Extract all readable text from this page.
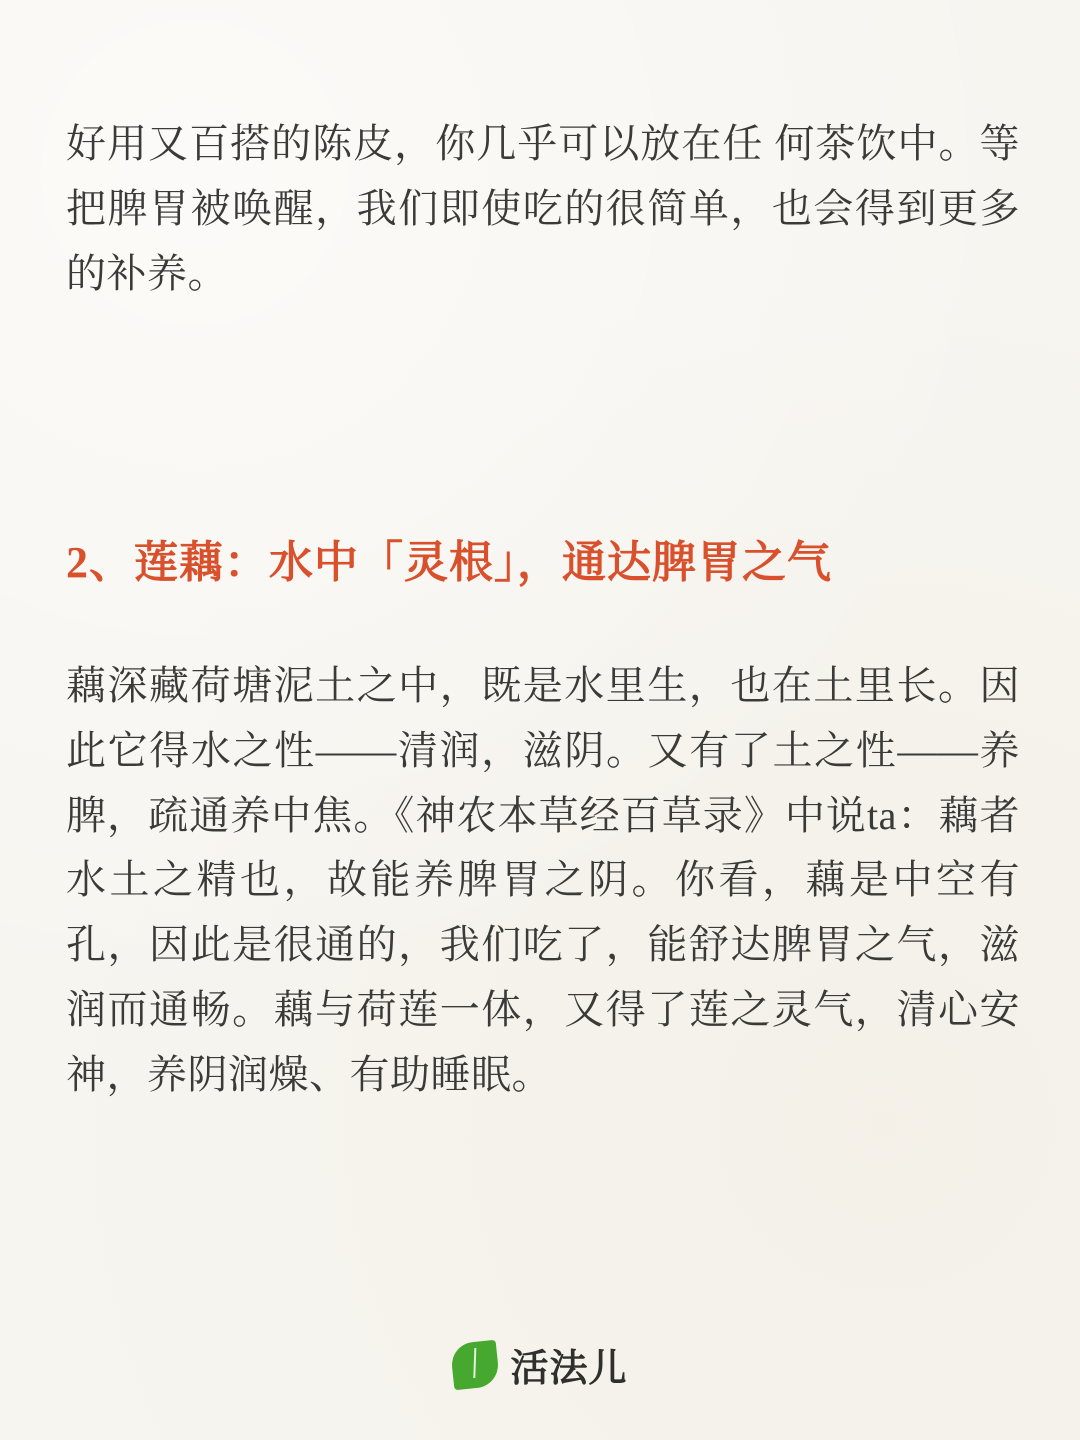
好用又百搭的陈皮，你几乎可以放在任 何茶饮中。等把脾胃被唤醒，我们即使吃的很简单，也会得到更多的补养。

2、莲藕：水中「灵根」，通达脾胃之气

藕深藏荷塘泥土之中，既是水里生，也在土里长。因此它得水之性——清润，滋阴。又有了土之性——养脾，疏通养中焦。《神农本草经百草录》中说ta：藕者水土之精也，故能养脾胃之阴。你看，藕是中空有孔，因此是很通的，我们吃了，能舒达脾胃之气，滋润而通畅。藕与荷莲一体，又得了莲之灵气，清心安神，养阴润燥、有助睡眠。

活法儿
